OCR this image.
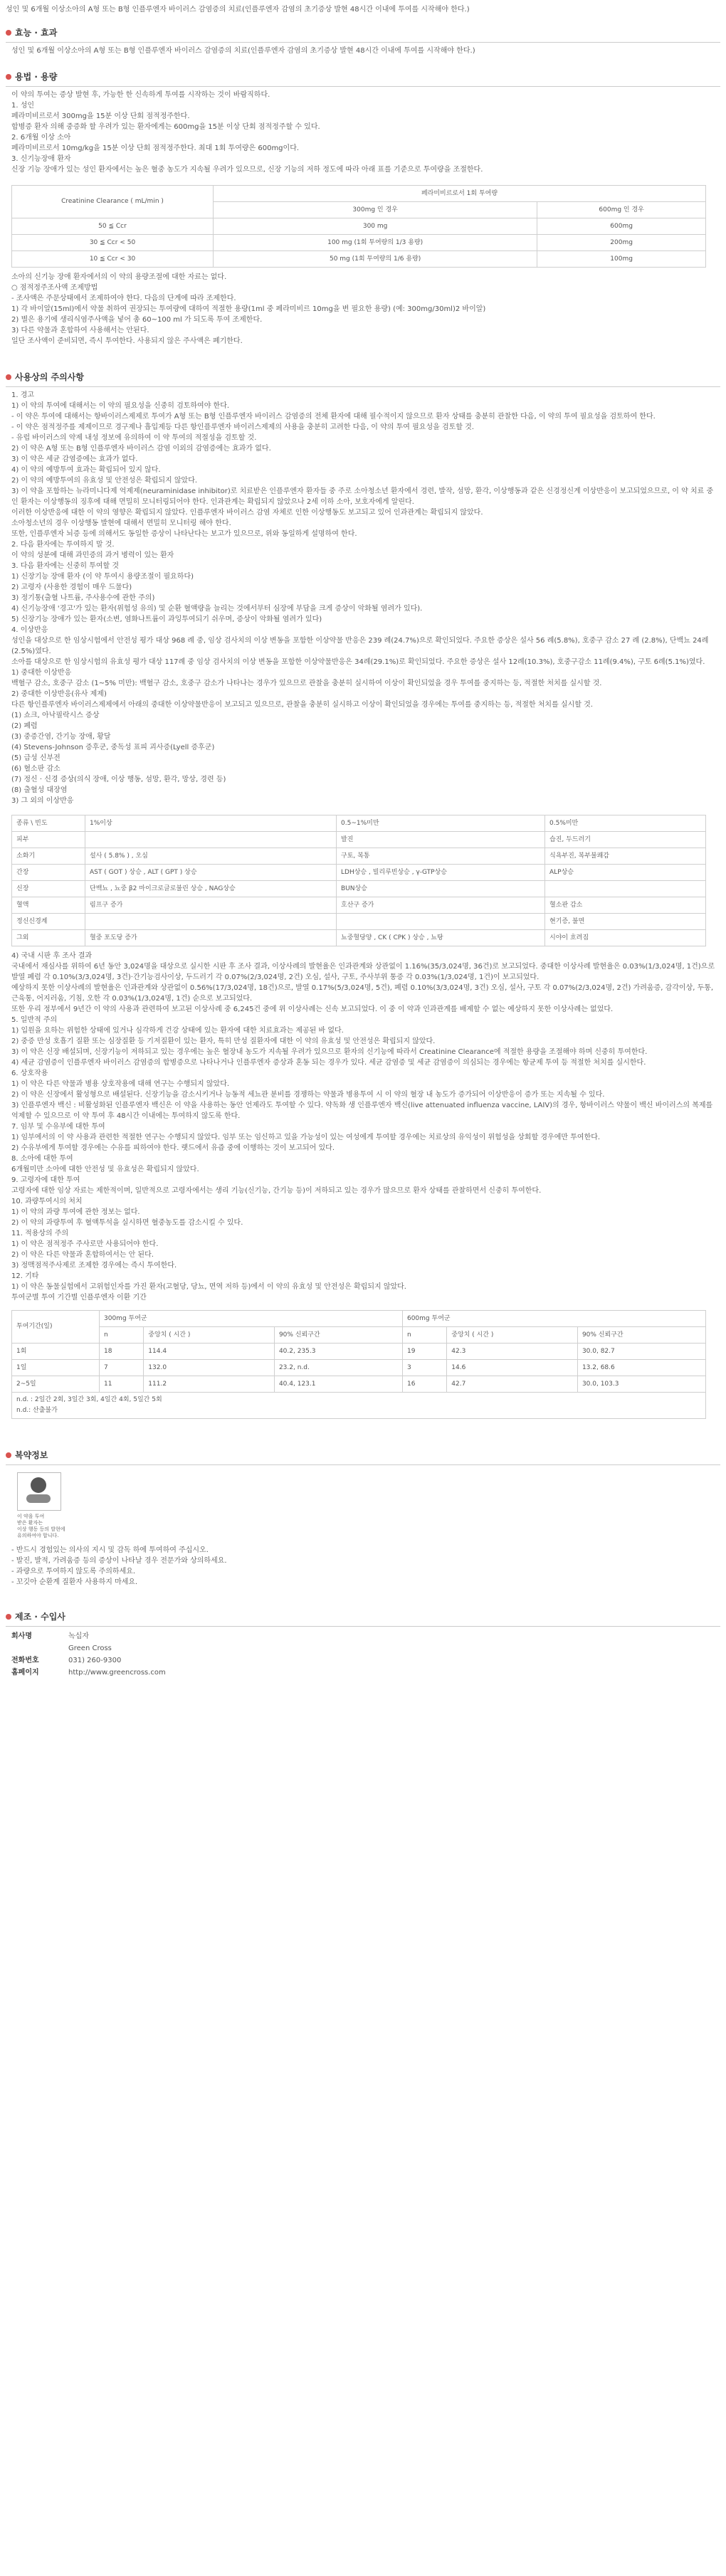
성인 및 6개월 이상소아의 A형 또는 B형 인플루엔자 바이러스 감염증의 치료(인플루엔자 감염의 초기증상 발현 48시간 이내에 투여를 시작해야 한다.)

효능 · 효과

성인 및 6개월 이상소아의 A형 또는 B형 인플루엔자 바이러스 감염증의 치료(인플루엔자 감염의 초기증상 발현 48시간 이내에 투여를 시작해야 한다.)

용법 · 용량

이 약의 투여는 증상 발현 후, 가능한 한 신속하게 투여를 시작하는 것이 바람직하다.

1. 성인

페라미비르로서 300mg을 15분 이상 단회 점적정주한다.

합병증 환자 의해 중증화 할 우려가 있는 환자에게는 600mg을 15분 이상 단회 점적정주할 수 있다.

2. 6개월 이상 소아

페라미비르로서 10mg/kg을 15분 이상 단회 점적정주한다. 최대 1회 투여량은 600mg이다.

3. 신기능장애 환자

신장 기능 장애가 있는 성인 환자에서는 높은 혈중 농도가 지속될 우려가 있으므로, 신장 기능의 저하 정도에 따라 아래 표를 기준으로 투여량을 조절한다.

Creatinine Clearance ( mL/min )	페라미비르로서 1회 투여량	
	300mg 인 경우	600mg 인 경우
50 ≦ Ccr	300 mg	600mg
30 ≦ Ccr < 50	100 mg (1회 투여량의 1/3 용량)	200mg
10 ≦ Ccr < 30	50 mg (1회 투여량의 1/6 용량)	100mg

소아의 신기능 장애 환자에서의 이 약의 용량조절에 대한 자료는 없다.

○ 점적정주조사액 조제방법

- 조사액은 주문상태에서 조제하여야 한다. 다음의 단계에 따라 조제한다.

1) 각 바이알(15ml)에서 약물 취하여 권장되는 투여량에 대하여 적절한 용량(1ml 중 페라미비르 10mg을 변 필요한 용량) (예: 300mg/30ml)2 바이알)

2) 별은 용기에 생리식염주사액을 넣어 총 60~100 ml 가 되도록 투여 조제한다.

3) 다른 약물과 혼합하여 사용해서는 안된다.

일단 조사액이 준비되면, 즉시 투여한다. 사용되지 않은 주사액은 폐기한다.

사용상의 주의사항

1. 경고

1) 이 약의 투여에 대해서는 이 약의 필요성을 신중히 검토하여야 한다.

- 이 약은 투여에 대해서는 항바이러스제제로 투여가 A형 또는 B형 인플루엔자 바이러스 감염증의 전체 환자에 대해 필수적이지 않으므로 환자 상태를 충분히 관찰한 다음, 이 약의 투여 필요성을 검토하여 한다.

- 이 약은 점적정주를 제제이므로 경구제나 흡입제등 다른 항인플루엔자 바이러스제제의 사용을 충분히 고려한 다음, 이 약의 투여 필요성을 검토할 것.

- 유럽 바이러스의 약제 내성 정보에 유의하여 이 약 투여의 적절성을 검토할 것.

2) 이 약은 A형 또는 B형 인플루엔자 바이러스 감염 이외의 감염증에는 효과가 없다.

3) 이 약은 세균 감염증에는 효과가 없다.

4) 이 약의 예방투여 효과는 확립되어 있지 않다.

2) 이 약의 예방투여의 유효성 및 안전성은 확립되지 않았다.

3) 이 약을 포함하는 뉴라미니다제 억제제(neuraminidase inhibitor)로 치료받은 인플루엔자 환자들 중 주로 소아청소년 환자에서 경련, 발작, 섬망, 환각, 이상행동과 같은 신경정신계 이상반응이 보고되었으므로, 이 약 치료 중인 환자는 이상행동의 징후에 대해 면밀히 모니터링되어야 한다. 인과관계는 확립되지 않았으나 2세 이하 소아, 보호자에게 알린다.

이러한 이상반응에 대한 이 약의 영향은 확립되지 않았다. 인플루엔자 바이러스 감염 자체로 인한 이상행동도 보고되고 있어 인과관계는 확립되지 않았다.

소아청소년의 경우 이상행동 발현에 대해서 면밀히 모니터링 해야 한다.

또한, 인플루엔자 뇌증 등에 의해서도 동일한 증상이 나타난다는 보고가 있으므로, 위와 동일하게 설명하여 한다.

2. 다음 환자에는 투여하지 말 것.

이 약의 성분에 대해 과민증의 과거 병력이 있는 환자

3. 다음 환자에는 신중히 투여할 것

1) 신장기능 장애 환자 (이 약 투여시 용량조절이 필요하다)

2) 고령자 (사용한 경험이 매우 드물다)

3) 정기통(출혈 나트륨, 주사용수에 관한 주의)

4) 신기능장애 '경고'가 있는 환자(위험성 유의) 및 순환 혈액량을 늘리는 것에서부터 심장에 부담을 크게 증상이 악화될 염려가 있다).

5) 신장기능 장애가 있는 환자(소변, 염화나트륨이 과잉투여되기 쉬우며, 증상이 악화될 염려가 있다)

4. 이상반응

성인을 대상으로 한 임상시험에서 안전성 평가 대상 968 례 중, 임상 검사치의 이상 변동을 포함한 이상약물 반응은 239 례(24.7%)으로 확인되었다. 주요한 증상은 설사 56 례(5.8%), 호중구 감소 27 례 (2.8%), 단백뇨 24례 (2.5%)였다.

소아를 대상으로 한 임상시험의 유효성 평가 대상 117례 중 임상 검사치의 이상 변동을 포함한 이상약물반응은 34례(29.1%)로 확인되었다. 주요한 증상은 설사 12례(10.3%), 호중구감소 11례(9.4%), 구토 6례(5.1%)였다.

1) 중대한 이상반응

백혈구 감소, 호중구 감소 (1~5% 미만): 백혈구 감소, 호중구 감소가 나타나는 경우가 있으므로 관찰을 충분히 실시하여 이상이 확인되었을 경우 투여를 중지하는 등, 적절한 처치를 실시할 것.

2) 중대한 이상반응(유사 제제)

다른 항인플루엔자 바이러스제제에서 아래의 중대한 이상약물반응이 보고되고 있으므로, 관찰을 충분히 실시하고 이상이 확인되었을 경우에는 투여를 중지하는 등, 적절한 처치를 실시할 것.

(1) 쇼크, 아낙필락시스 증상

(2) 폐렴

(3) 중증간염, 간기능 장애, 황달

(4) Stevens-Johnson 증후군, 중독성 표피 괴사증(Lyell 증후군)

(5) 급성 신부전

(6) 혈소판 감소

(7) 정신 · 신경 증상(의식 장애, 이상 행동, 섬망, 환각, 망상, 경련 등)

(8) 출혈성 대장염

3) 그 외의 이상반응

종류 \ 빈도	1%이상	0.5~1%미만	0.5%미만
피부		발진	습진, 두드러기
소화기	설사 ( 5.8% ) , 오심	구토, 복통	식욕부진, 복부불쾌감
간장	AST ( GOT ) 상승 , ALT ( GPT ) 상승	LDH상승 , 빌리루빈상승 , γ-GTP상승	ALP상승
신장	단백뇨 , 뇨중 β2 마이크로글로불린 상승 , NAG상승	BUN상승	
혈액	림프구 증가	호산구 증가	혈소판 감소
정신신경계			현기증, 불면
그외	혈중 포도당 증가	뇨중혈당양 , CK ( CPK ) 상승 , 뇨탕	시야이 흐려짐

4) 국내 시판 후 조사 결과

국내에서 재심사를 위하여 6년 동안 3,024명을 대상으로 실시한 시판 후 조사 결과, 이상사례의 발현율은 인과관계와 상관없이 1.16%(35/3,024명, 36건)로 보고되었다. 중대한 이상사례 발현율은 0.03%(1/3,024명, 1건)으로 발열 폐렴 각 0.10%(3/3,024명, 3건)·간기능검사이상, 두드러기 각 0.07%(2/3,024명, 2건) 오심, 설사, 구토, 주사부위 통증 각 0.03%(1/3,024명, 1건)이 보고되었다.

예상하지 못한 이상사례의 발현율은 인과관계와 상관없이 0.56%(17/3,024명, 18건)으로, 발열 0.17%(5/3,024명, 5건), 폐렴 0.10%(3/3,024명, 3건) 오심, 설사, 구토 각 0.07%(2/3,024명, 2건) 가려움증, 감각이상, 두통, 근육통, 어지러움, 기침, 오한 각 0.03%(1/3,024명, 1건) 순으로 보고되었다.

또한 우리 정부에서 9년간 이 약의 사용과 관련하여 보고된 이상사례 중 6,245건 중에 위 이상사례는 신속 보고되었다. 이 중 이 약과 인과관계를 배제할 수 없는 예상하지 못한 이상사례는 없었다.

5. 일반적 주의

1) 입원을 요하는 위험한 상태에 있거나 심각하게 건강 상태에 있는 환자에 대한 치료효과는 제공된 바 없다.

2) 중증 만성 호흡기 질환 또는 심장질환 등 기저질환이 있는 환자, 특히 만성 질환자에 대한 이 약의 유효성 및 안전성은 확립되지 않았다.

3) 이 약은 신장 배설되며, 신장기능이 저하되고 있는 경우에는 높은 혈장내 농도가 지속될 우려가 있으므로 환자의 신기능에 따라서 Creatinine Clearance에 적절한 용량을 조절해야 하며 신중히 투여한다.

4) 세균 감염증이 인플루엔자 바이러스 감염증의 합병증으로 나타나거나 인플루엔자 증상과 혼동 되는 경우가 있다. 세균 감염증 및 세균 감염증이 의심되는 경우에는 항균제 투여 등 적절한 처치를 실시한다.

6. 상호작용

1) 이 약은 다른 약물과 병용 상호작용에 대해 연구는 수행되지 않았다.

2) 이 약은 신장에서 활성형으로 배설된다. 신장기능을 감소시키거나 능동적 세뇨관 분비를 경쟁하는 약물과 병용투여 시 이 약의 혈장 내 농도가 증가되어 이상반응이 증가 또는 지속될 수 있다.

3) 인플루엔자 백신 : 비활성화된 인플루엔자 백신은 이 약을 사용하는 동안 언제라도 투여할 수 있다. 약독화 생 인플루엔자 백신(live attenuated influenza vaccine, LAIV)의 경우, 항바이러스 약물이 백신 바이러스의 복제를 억제할 수 있으므로 이 약 투여 후 48시간 이내에는 투여하지 않도록 한다.

7. 임부 및 수유부에 대한 투여

1) 임부에서의 이 약 사용과 관련한 적절한 연구는 수행되지 않았다. 임부 또는 임신하고 있을 가능성이 있는 여성에게 투여할 경우에는 치료상의 유익성이 위험성을 상회할 경우에만 투여한다.

2) 수유부에게 투여할 경우에는 수유를 피하여야 한다. 랫드에서 유즙 중에 이행하는 것이 보고되어 있다.

8. 소아에 대한 투여

6개월미만 소아에 대한 안전성 및 유효성은 확립되지 않았다.

9. 고령자에 대한 투여

고령자에 대한 임상 자료는 제한적이며, 일반적으로 고령자에서는 생리 기능(신기능, 간기능 등)이 저하되고 있는 경우가 많으므로 환자 상태를 관찰하면서 신중히 투여한다.

10. 과량투여시의 처치

1) 이 약의 과량 투여에 관한 정보는 없다.

2) 이 약의 과량투여 후 혈액투석을 실시하면 혈중농도를 감소시킬 수 있다.

11. 적용상의 주의

1) 이 약은 점적정주 주사로만 사용되어야 한다.

2) 이 약은 다른 약물과 혼합하여서는 안 된다.

3) 정맥점적주사제로 조제한 경우에는 즉시 투여한다.

12. 기타

1) 이 약은 동물실험에서 고위험인자를 가진 환자(고혈당, 당뇨, 면역 저하 등)에서 이 약의 유효성 및 안전성은 확립되지 않았다.

투여군별 투여 기간별 인플루엔자 이환 기간

투여기간(일)	300mg 투여군			600mg 투여군		
	n	중앙치 ( 시간 )	90% 신뢰구간	n	중앙치 ( 시간 )	90% 신뢰구간
1회	18	114.4	40.2, 235.3	19	42.3	30.0, 82.7
1일	7	132.0	23.2, n.d.	3	14.6	13.2, 68.6
2~5일	11	111.2	40.4, 123.1	16	42.7	30.0, 103.3
n.d. : 2일간 2회, 3일간 3회, 4일간 4회, 5일간 5회
n.d.: 산출불가						
복약정보
이 약을 투여
받은 환자는
이상 행동 등의 발현에
유의하여야 합니다.

- 반드시 경험있는 의사의 지시 및 감독 하에 투여하여 주십시오.

- 발진, 발적, 가려움증 등의 증상이 나타날 경우 전문가와 상의하세요.

- 과량으로 투여하지 않도록 주의하세요.

- 꼬깃아 순환계 질환자 사용하지 마세요.

제조 · 수입사
회사명	녹십자
Green Cross
전화번호	031) 260-9300
홈페이지	http://www.greencross.com
